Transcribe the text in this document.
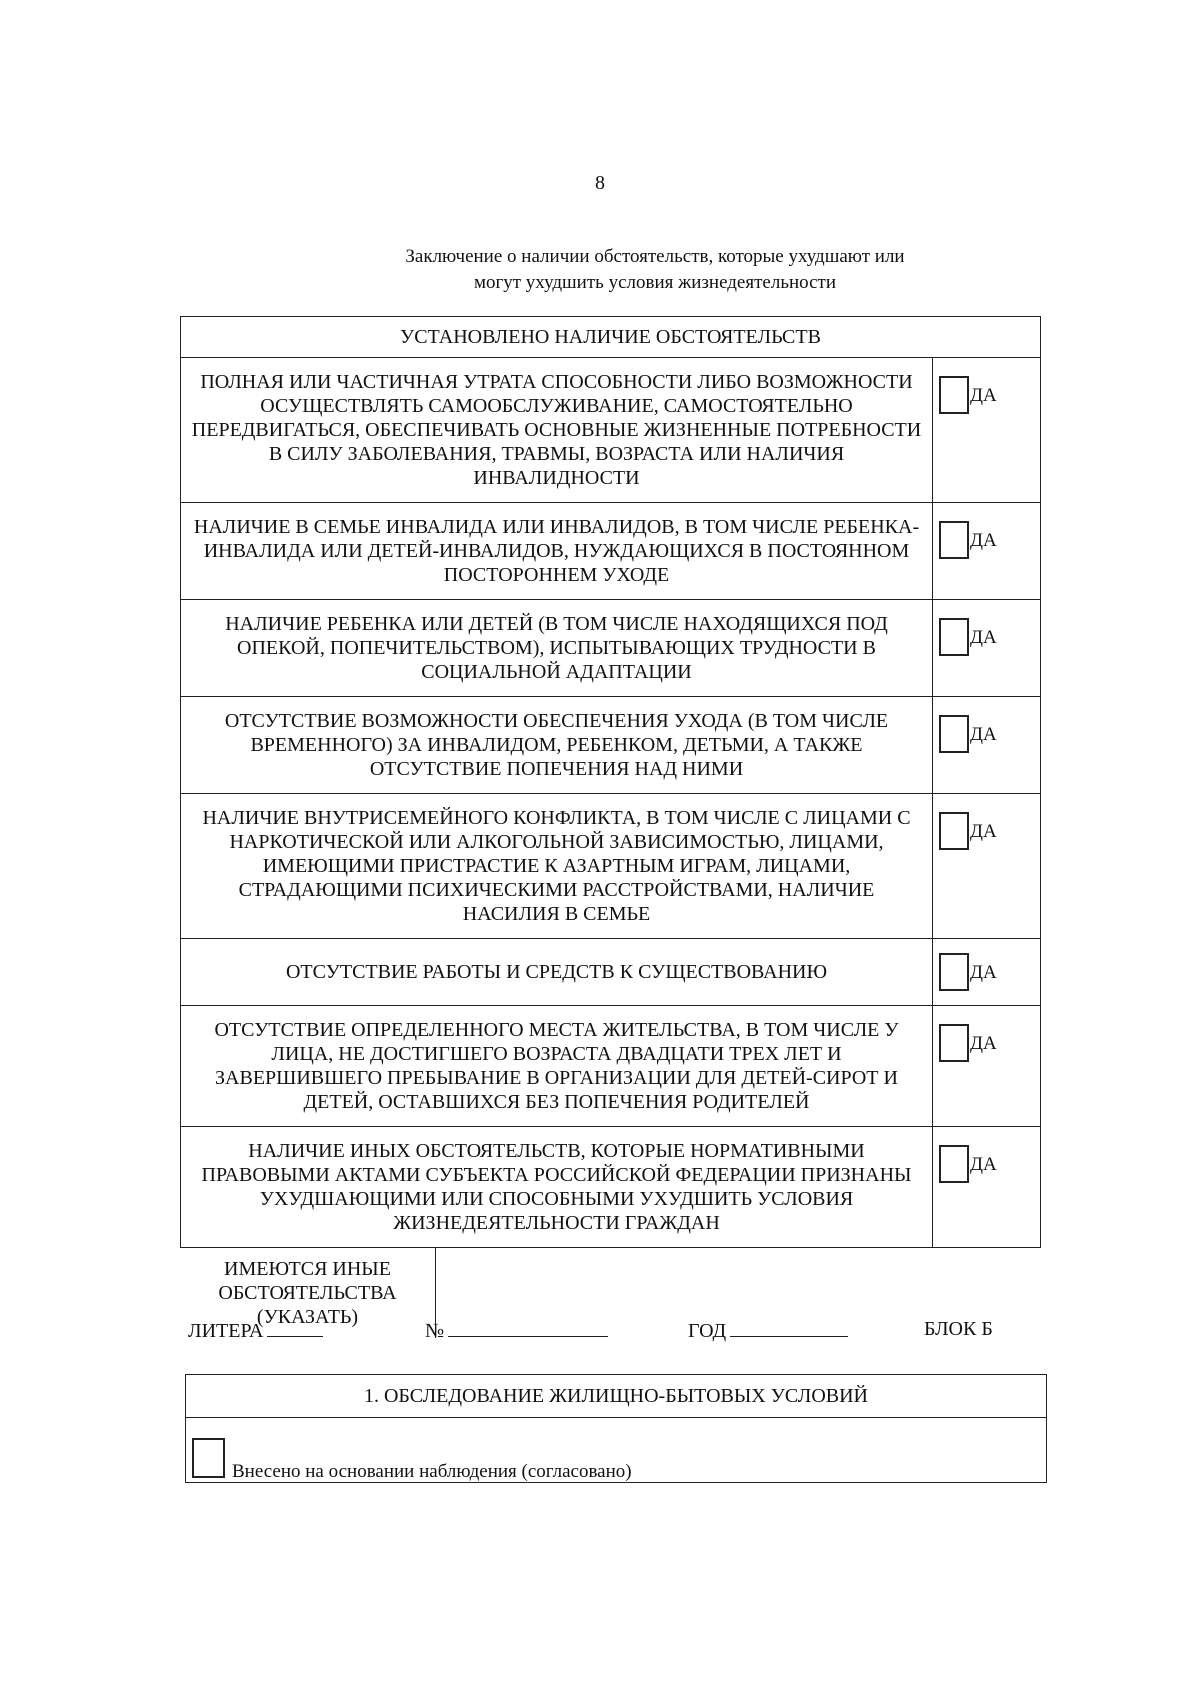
8
Заключение о наличии обстоятельств, которые ухудшают или
могут ухудшить условия жизнедеятельности
УСТАНОВЛЕНО НАЛИЧИЕ ОБСТОЯТЕЛЬСТВ
ПОЛНАЯ ИЛИ ЧАСТИЧНАЯ УТРАТА СПОСОБНОСТИ ЛИБО ВОЗМОЖНОСТИ ОСУЩЕСТВЛЯТЬ САМООБСЛУЖИВАНИЕ, САМОСТОЯТЕЛЬНО ПЕРЕДВИГАТЬСЯ, ОБЕСПЕЧИВАТЬ ОСНОВНЫЕ ЖИЗНЕННЫЕ ПОТРЕБНОСТИ В СИЛУ ЗАБОЛЕВАНИЯ, ТРАВМЫ, ВОЗРАСТА ИЛИ НАЛИЧИЯ ИНВАЛИДНОСТИ	
ДА

НАЛИЧИЕ В СЕМЬЕ ИНВАЛИДА ИЛИ ИНВАЛИДОВ, В ТОМ ЧИСЛЕ РЕБЕНКА-ИНВАЛИДА ИЛИ ДЕТЕЙ-ИНВАЛИДОВ, НУЖДАЮЩИХСЯ В ПОСТОЯННОМ ПОСТОРОННЕМ УХОДЕ	
ДА

НАЛИЧИЕ РЕБЕНКА ИЛИ ДЕТЕЙ (В ТОМ ЧИСЛЕ НАХОДЯЩИХСЯ ПОД ОПЕКОЙ, ПОПЕЧИТЕЛЬСТВОМ), ИСПЫТЫВАЮЩИХ ТРУДНОСТИ В СОЦИАЛЬНОЙ АДАПТАЦИИ	
ДА

ОТСУТСТВИЕ ВОЗМОЖНОСТИ ОБЕСПЕЧЕНИЯ УХОДА (В ТОМ ЧИСЛЕ ВРЕМЕННОГО) ЗА ИНВАЛИДОМ, РЕБЕНКОМ, ДЕТЬМИ, А ТАКЖЕ ОТСУТСТВИЕ ПОПЕЧЕНИЯ НАД НИМИ	
ДА

НАЛИЧИЕ ВНУТРИСЕМЕЙНОГО КОНФЛИКТА, В ТОМ ЧИСЛЕ С ЛИЦАМИ С НАРКОТИЧЕСКОЙ ИЛИ АЛКОГОЛЬНОЙ ЗАВИСИМОСТЬЮ, ЛИЦАМИ, ИМЕЮЩИМИ ПРИСТРАСТИЕ К АЗАРТНЫМ ИГРАМ, ЛИЦАМИ, СТРАДАЮЩИМИ ПСИХИЧЕСКИМИ РАССТРОЙСТВАМИ, НАЛИЧИЕ НАСИЛИЯ В СЕМЬЕ	
ДА

ОТСУТСТВИЕ РАБОТЫ И СРЕДСТВ К СУЩЕСТВОВАНИЮ	ДА

ОТСУТСТВИЕ ОПРЕДЕЛЕННОГО МЕСТА ЖИТЕЛЬСТВА, В ТОМ ЧИСЛЕ У ЛИЦА, НЕ ДОСТИГШЕГО ВОЗРАСТА ДВАДЦАТИ ТРЕХ ЛЕТ И ЗАВЕРШИВШЕГО ПРЕБЫВАНИЕ В ОРГАНИЗАЦИИ ДЛЯ ДЕТЕЙ-СИРОТ И ДЕТЕЙ, ОСТАВШИХСЯ БЕЗ ПОПЕЧЕНИЯ РОДИТЕЛЕЙ	
ДА

НАЛИЧИЕ ИНЫХ ОБСТОЯТЕЛЬСТВ, КОТОРЫЕ НОРМАТИВНЫМИ ПРАВОВЫМИ АКТАМИ СУБЪЕКТА РОССИЙСКОЙ ФЕДЕРАЦИИ ПРИЗНАНЫ УХУДШАЮЩИМИ ИЛИ СПОСОБНЫМИ УХУДШИТЬ УСЛОВИЯ ЖИЗНЕДЕЯТЕЛЬНОСТИ ГРАЖДАН	
ДА

ИМЕЮТСЯ ИНЫЕ ОБСТОЯТЕЛЬСТВА (УКАЗАТЬ)	
ЛИТЕРА	№	ГОД	БЛОК Б
1. ОБСЛЕДОВАНИЕ ЖИЛИЩНО-БЫТОВЫХ УСЛОВИЙ

Внесено на основании наблюдения (согласовано)
